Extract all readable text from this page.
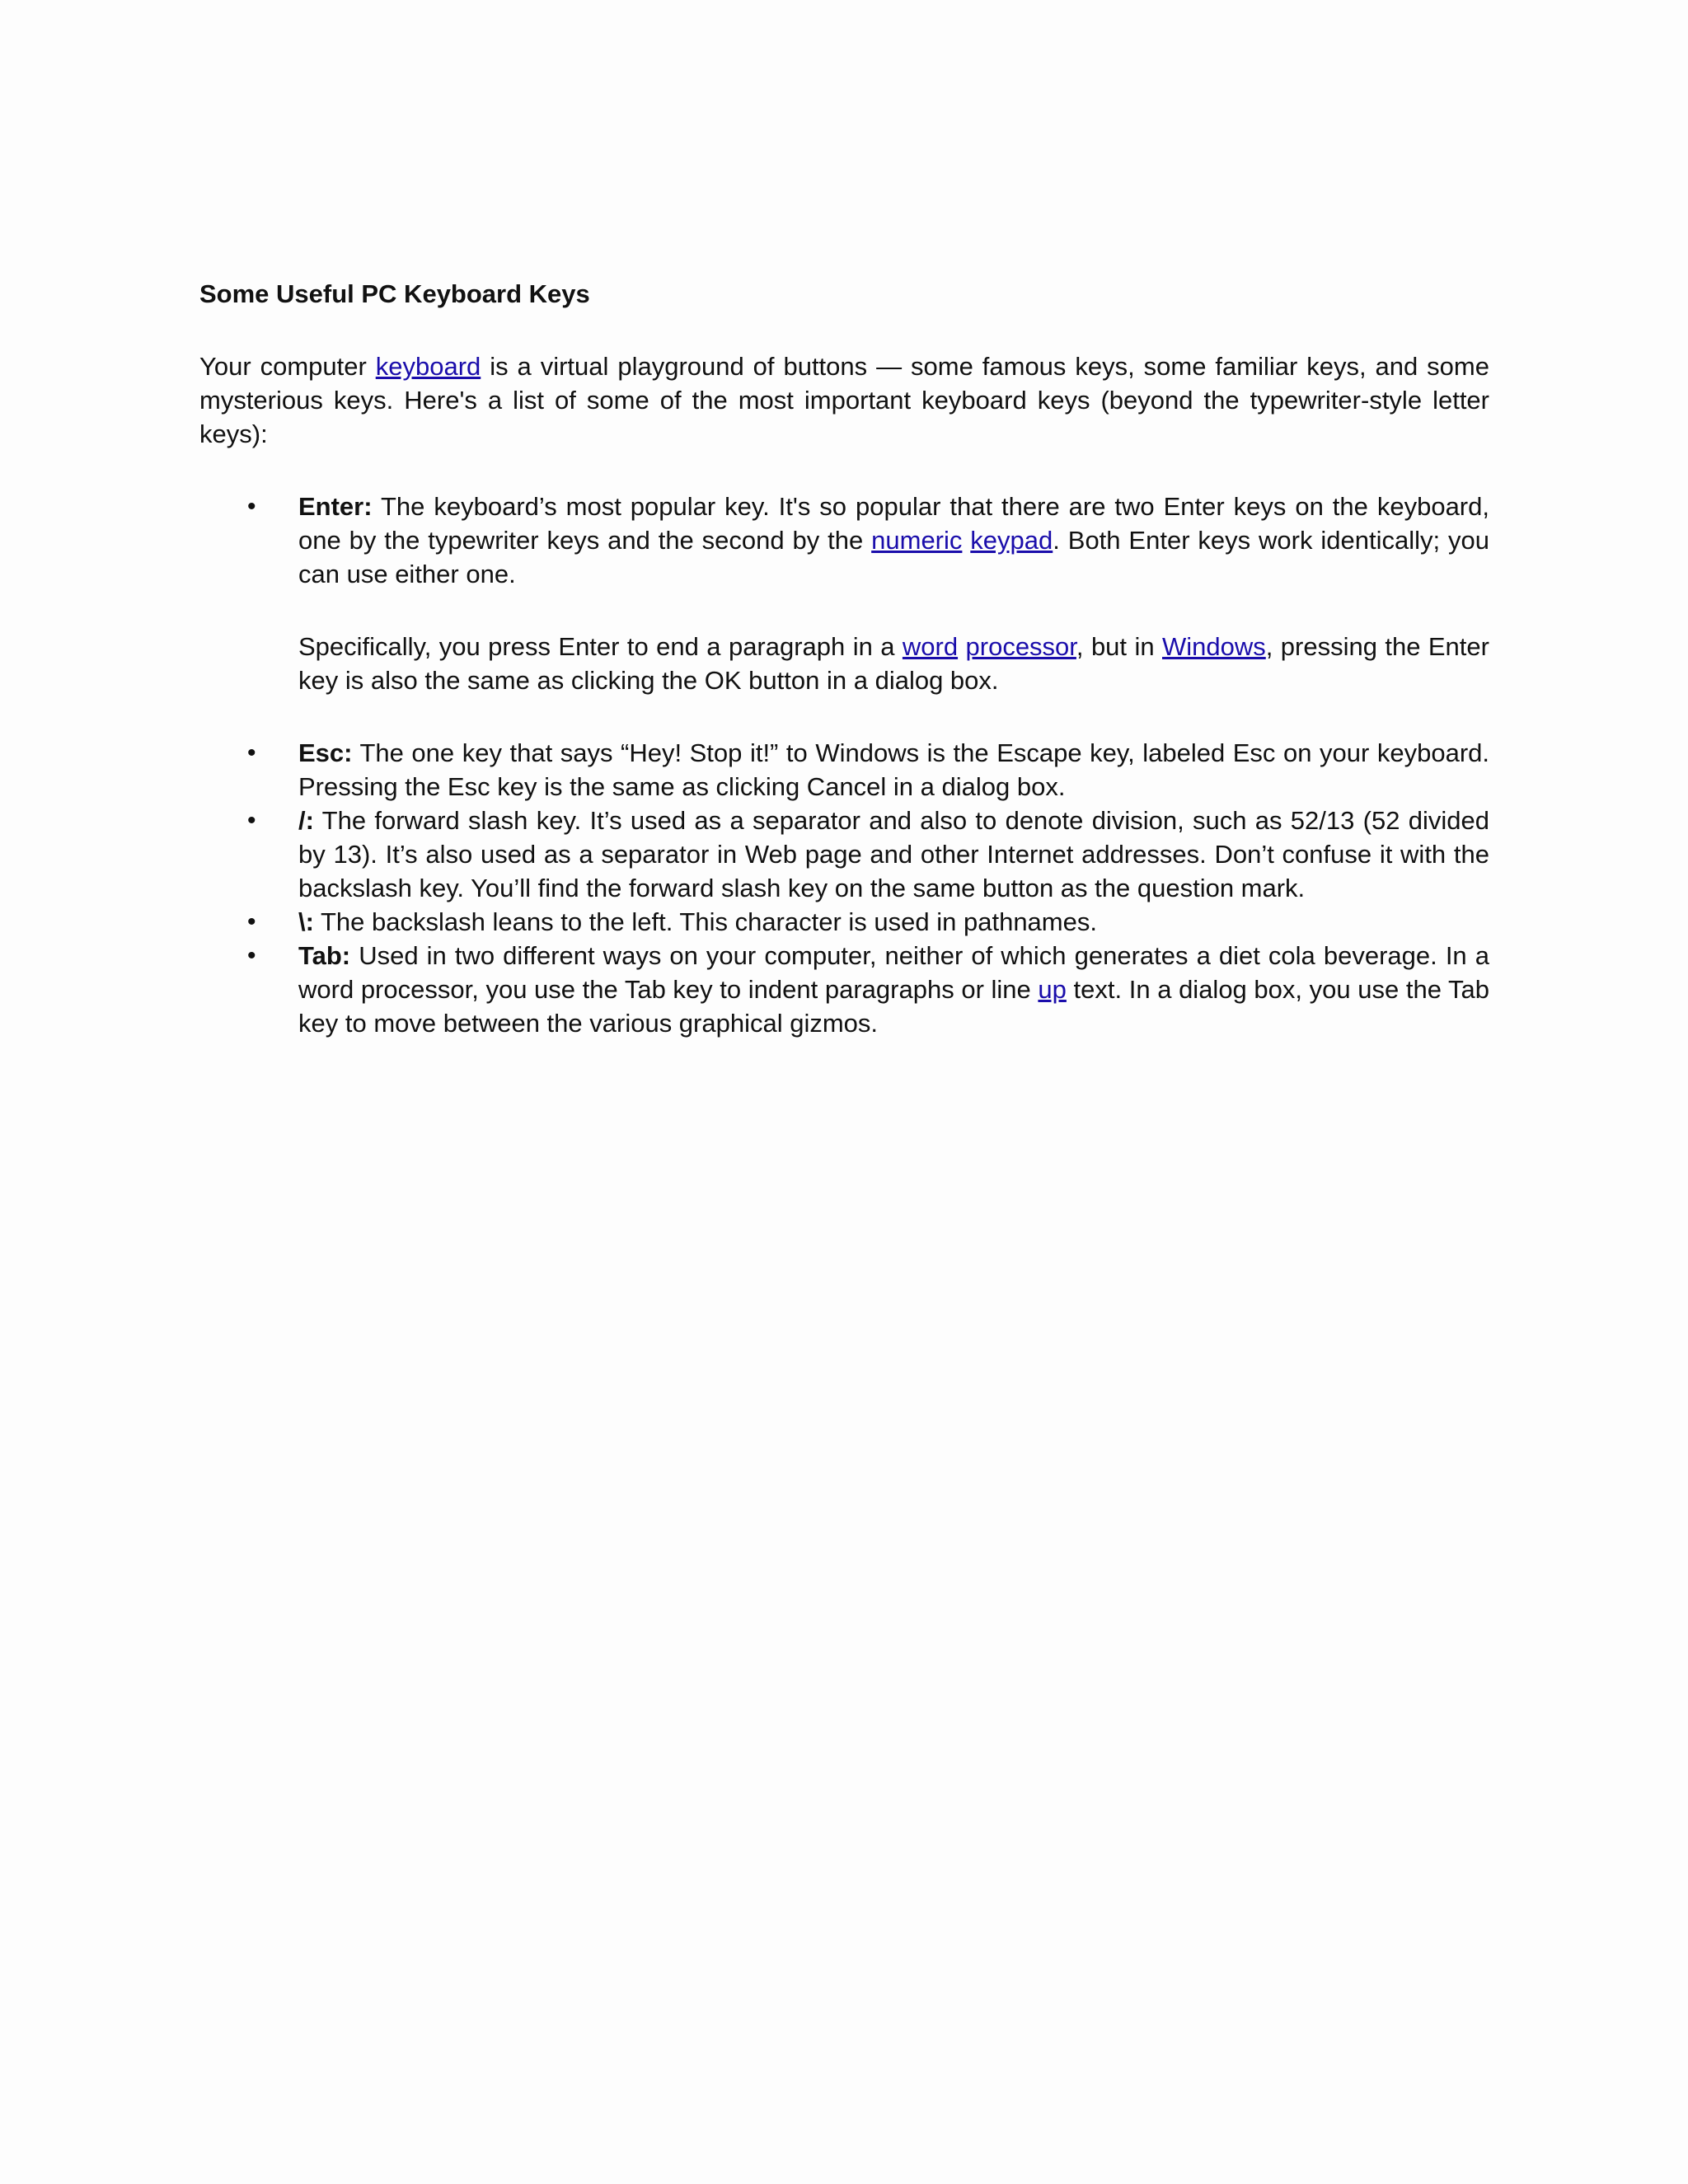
Some Useful PC Keyboard Keys

Your computer keyboard is a virtual playground of buttons — some famous keys, some familiar keys, and some mysterious keys. Here's a list of some of the most important keyboard keys (beyond the typewriter-style letter keys):

• Enter: The keyboard’s most popular key. It's so popular that there are two Enter keys on the keyboard, one by the typewriter keys and the second by the numeric keypad. Both Enter keys work identically; you can use either one.
Specifically, you press Enter to end a paragraph in a word processor, but in Windows, pressing the Enter key is also the same as clicking the OK button in a dialog box.
• Esc: The one key that says “Hey! Stop it!” to Windows is the Escape key, labeled Esc on your keyboard. Pressing the Esc key is the same as clicking Cancel in a dialog box.
• /: The forward slash key. It’s used as a separator and also to denote division, such as 52/13 (52 divided by 13). It’s also used as a separator in Web page and other Internet addresses. Don’t confuse it with the backslash key. You’ll find the forward slash key on the same button as the question mark.
• \: The backslash leans to the left. This character is used in pathnames.
• Tab: Used in two different ways on your computer, neither of which generates a diet cola beverage. In a word processor, you use the Tab key to indent paragraphs or line up text. In a dialog box, you use the Tab key to move between the various graphical gizmos.
